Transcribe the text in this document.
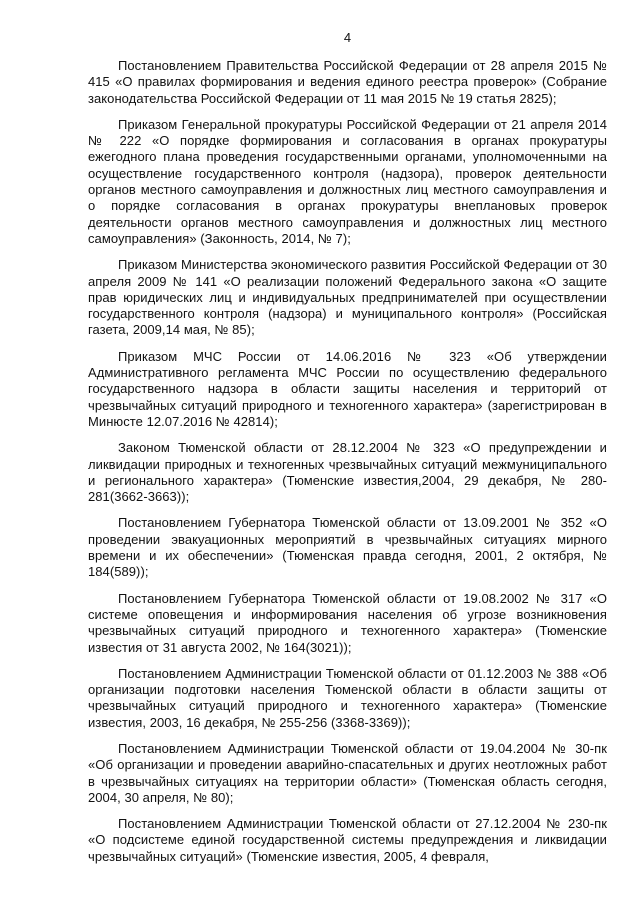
4

Постановлением Правительства Российской Федерации от 28 апреля 2015 № 415 «О правилах формирования и ведения единого реестра проверок» (Собрание законодательства Российской Федерации от 11 мая 2015 № 19 статья 2825);

Приказом Генеральной прокуратуры Российской Федерации от 21 апреля 2014 № 222 «О порядке формирования и согласования в органах прокуратуры ежегодного плана проведения государственными органами, уполномоченными на осуществление государственного контроля (надзора), проверок деятельности органов местного самоуправления и должностных лиц местного самоуправления и о порядке согласования в органах прокуратуры внеплановых проверок деятельности органов местного самоуправления и должностных лиц местного самоуправления» (Законность, 2014, № 7);

Приказом Министерства экономического развития Российской Федерации от 30 апреля 2009 № 141 «О реализации положений Федерального закона «О защите прав юридических лиц и индивидуальных предпринимателей при осуществлении государственного контроля (надзора) и муниципального контроля» (Российская газета, 2009,14 мая, № 85);

Приказом МЧС России от 14.06.2016 № 323 «Об утверждении Административного регламента МЧС России по осуществлению федерального государственного надзора в области защиты населения и территорий от чрезвычайных ситуаций природного и техногенного характера» (зарегистрирован в Минюсте 12.07.2016 № 42814);

Законом Тюменской области от 28.12.2004 № 323 «О предупреждении и ликвидации природных и техногенных чрезвычайных ситуаций межмуниципального и регионального характера» (Тюменские известия,2004, 29 декабря, № 280-281(3662-3663));

Постановлением Губернатора Тюменской области от 13.09.2001 № 352 «О проведении эвакуационных мероприятий в чрезвычайных ситуациях мирного времени и их обеспечении» (Тюменская правда сегодня, 2001, 2 октября, № 184(589));

Постановлением Губернатора Тюменской области от 19.08.2002 № 317 «О системе оповещения и информирования населения об угрозе возникновения чрезвычайных ситуаций природного и техногенного характера» (Тюменские известия от 31 августа 2002, № 164(3021));

Постановлением Администрации Тюменской области от 01.12.2003 № 388 «Об организации подготовки населения Тюменской области в области защиты от чрезвычайных ситуаций природного и техногенного характера» (Тюменские известия, 2003, 16 декабря, № 255-256 (3368-3369));

Постановлением Администрации Тюменской области от 19.04.2004 № 30-пк «Об организации и проведении аварийно-спасательных и других неотложных работ в чрезвычайных ситуациях на территории области» (Тюменская область сегодня, 2004, 30 апреля, № 80);

Постановлением Администрации Тюменской области от 27.12.2004 № 230-пк «О подсистеме единой государственной системы предупреждения и ликвидации чрезвычайных ситуаций» (Тюменские известия, 2005, 4 февраля,
